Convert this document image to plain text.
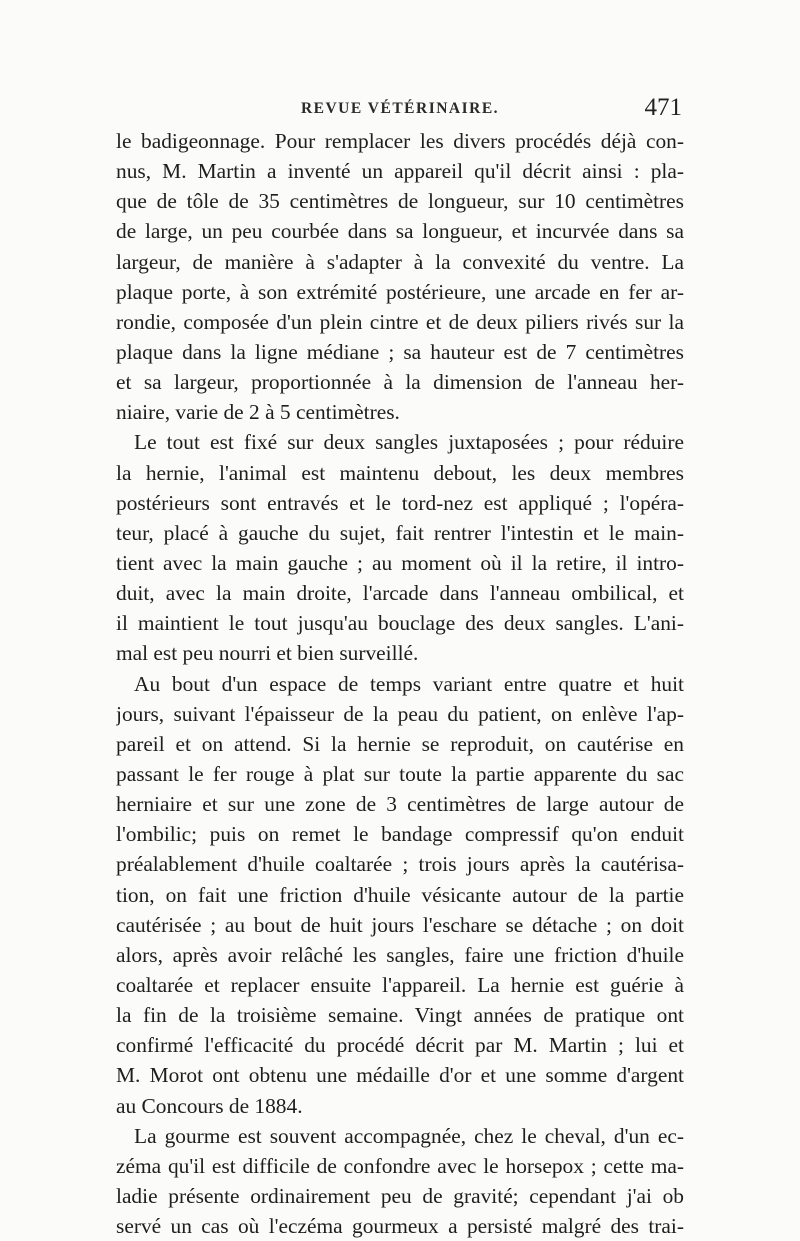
REVUE VÉTÉRINAIRE.	471
le badigeonnage. Pour remplacer les divers procédés déjà con-
nus, M. Martin a inventé un appareil qu'il décrit ainsi : pla-
que de tôle de 35 centimètres de longueur, sur 10 centimètres
de large, un peu courbée dans sa longueur, et incurvée dans sa
largeur, de manière à s'adapter à la convexité du ventre. La
plaque porte, à son extrémité postérieure, une arcade en fer ar-
rondie, composée d'un plein cintre et de deux piliers rivés sur la
plaque dans la ligne médiane ; sa hauteur est de 7 centimètres
et sa largeur, proportionnée à la dimension de l'anneau her-
niaire, varie de 2 à 5 centimètres.
Le tout est fixé sur deux sangles juxtaposées ; pour réduire
la hernie, l'animal est maintenu debout, les deux membres
postérieurs sont entravés et le tord-nez est appliqué ; l'opéra-
teur, placé à gauche du sujet, fait rentrer l'intestin et le main-
tient avec la main gauche ; au moment où il la retire, il intro-
duit, avec la main droite, l'arcade dans l'anneau ombilical, et
il maintient le tout jusqu'au bouclage des deux sangles. L'ani-
mal est peu nourri et bien surveillé.
Au bout d'un espace de temps variant entre quatre et huit
jours, suivant l'épaisseur de la peau du patient, on enlève l'ap-
pareil et on attend. Si la hernie se reproduit, on cautérise en
passant le fer rouge à plat sur toute la partie apparente du sac
herniaire et sur une zone de 3 centimètres de large autour de
l'ombilic; puis on remet le bandage compressif qu'on enduit
préalablement d'huile coaltarée ; trois jours après la cautérisa-
tion, on fait une friction d'huile vésicante autour de la partie
cautérisée ; au bout de huit jours l'eschare se détache ; on doit
alors, après avoir relâché les sangles, faire une friction d'huile
coaltarée et replacer ensuite l'appareil. La hernie est guérie à
la fin de la troisième semaine. Vingt années de pratique ont
confirmé l'efficacité du procédé décrit par M. Martin ; lui et
M. Morot ont obtenu une médaille d'or et une somme d'argent
au Concours de 1884.
La gourme est souvent accompagnée, chez le cheval, d'un ec-
zéma qu'il est difficile de confondre avec le horsepox ; cette ma-
ladie présente ordinairement peu de gravité; cependant j'ai ob
servé un cas où l'eczéma gourmeux a persisté malgré des trai-
